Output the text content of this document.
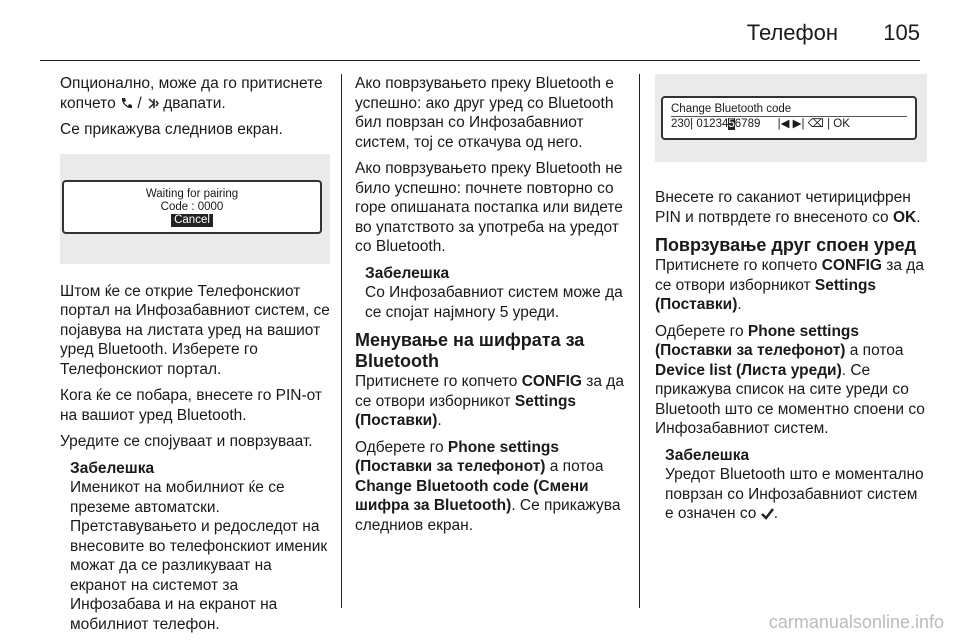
Телефон 105

Опционално, може да го притиснете копчето  /  двапати.

Се прикажува следниов екран.

Waiting for pairing
Code : 0000
Cancel

Штом ќе се открие Телефонскиот портал на Инфозабавниот систем, се појавува на листата уред на вашиот уред Bluetooth. Изберете го Телефонскиот портал.

Кога ќе се побара, внесете го PIN-от на вашиот уред Bluetooth.

Уредите се спојуваат и поврзуваат.

Забелешка
Именикот на мобилниот ќе се преземе автоматски. Претставувањето и редоследот на внесовите во телефонскиот именик можат да се разликуваат на екранот на системот за Инфозабава и на екранот на мобилниот телефон.

Ако поврзувањето преку Bluetooth е успешно: ако друг уред со Bluetooth бил поврзан со Инфозабавниот систем, тој се откачува од него.

Ако поврзувањето преку Bluetooth не било успешно: почнете повторно со горе опишаната постапка или видете во упатството за употреба на уредот со Bluetooth.

Забелешка
Со Инфозабавниот систем може да се спојат најмногу 5 уреди.
Менување на шифрата за Bluetooth

Притиснете го копчето CONFIG за да се отвори изборникот Settings (Поставки).

Одберете го Phone settings (Поставки за телефонот) а потоа Change Bluetooth code (Смени шифра за Bluetooth). Се прикажува следниов екран.

Change Bluetooth code
230| 0123456789 |◀ ▶| ⌫ | OK

Внесете го саканиот четирицифрен PIN и потврдете го внесеното со OK.

Поврзување друг споен уред

Притиснете го копчето CONFIG за да се отвори изборникот Settings (Поставки).

Одберете го Phone settings (Поставки за телефонот) а потоа Device list (Листа уреди). Се прикажува список на сите уреди со Bluetooth што се моментно споени со Инфозабавниот систем.

Забелешка
Уредот Bluetooth што е моментално поврзан со Инфозабавниот систем е означен со .
carmanualsonline.info
